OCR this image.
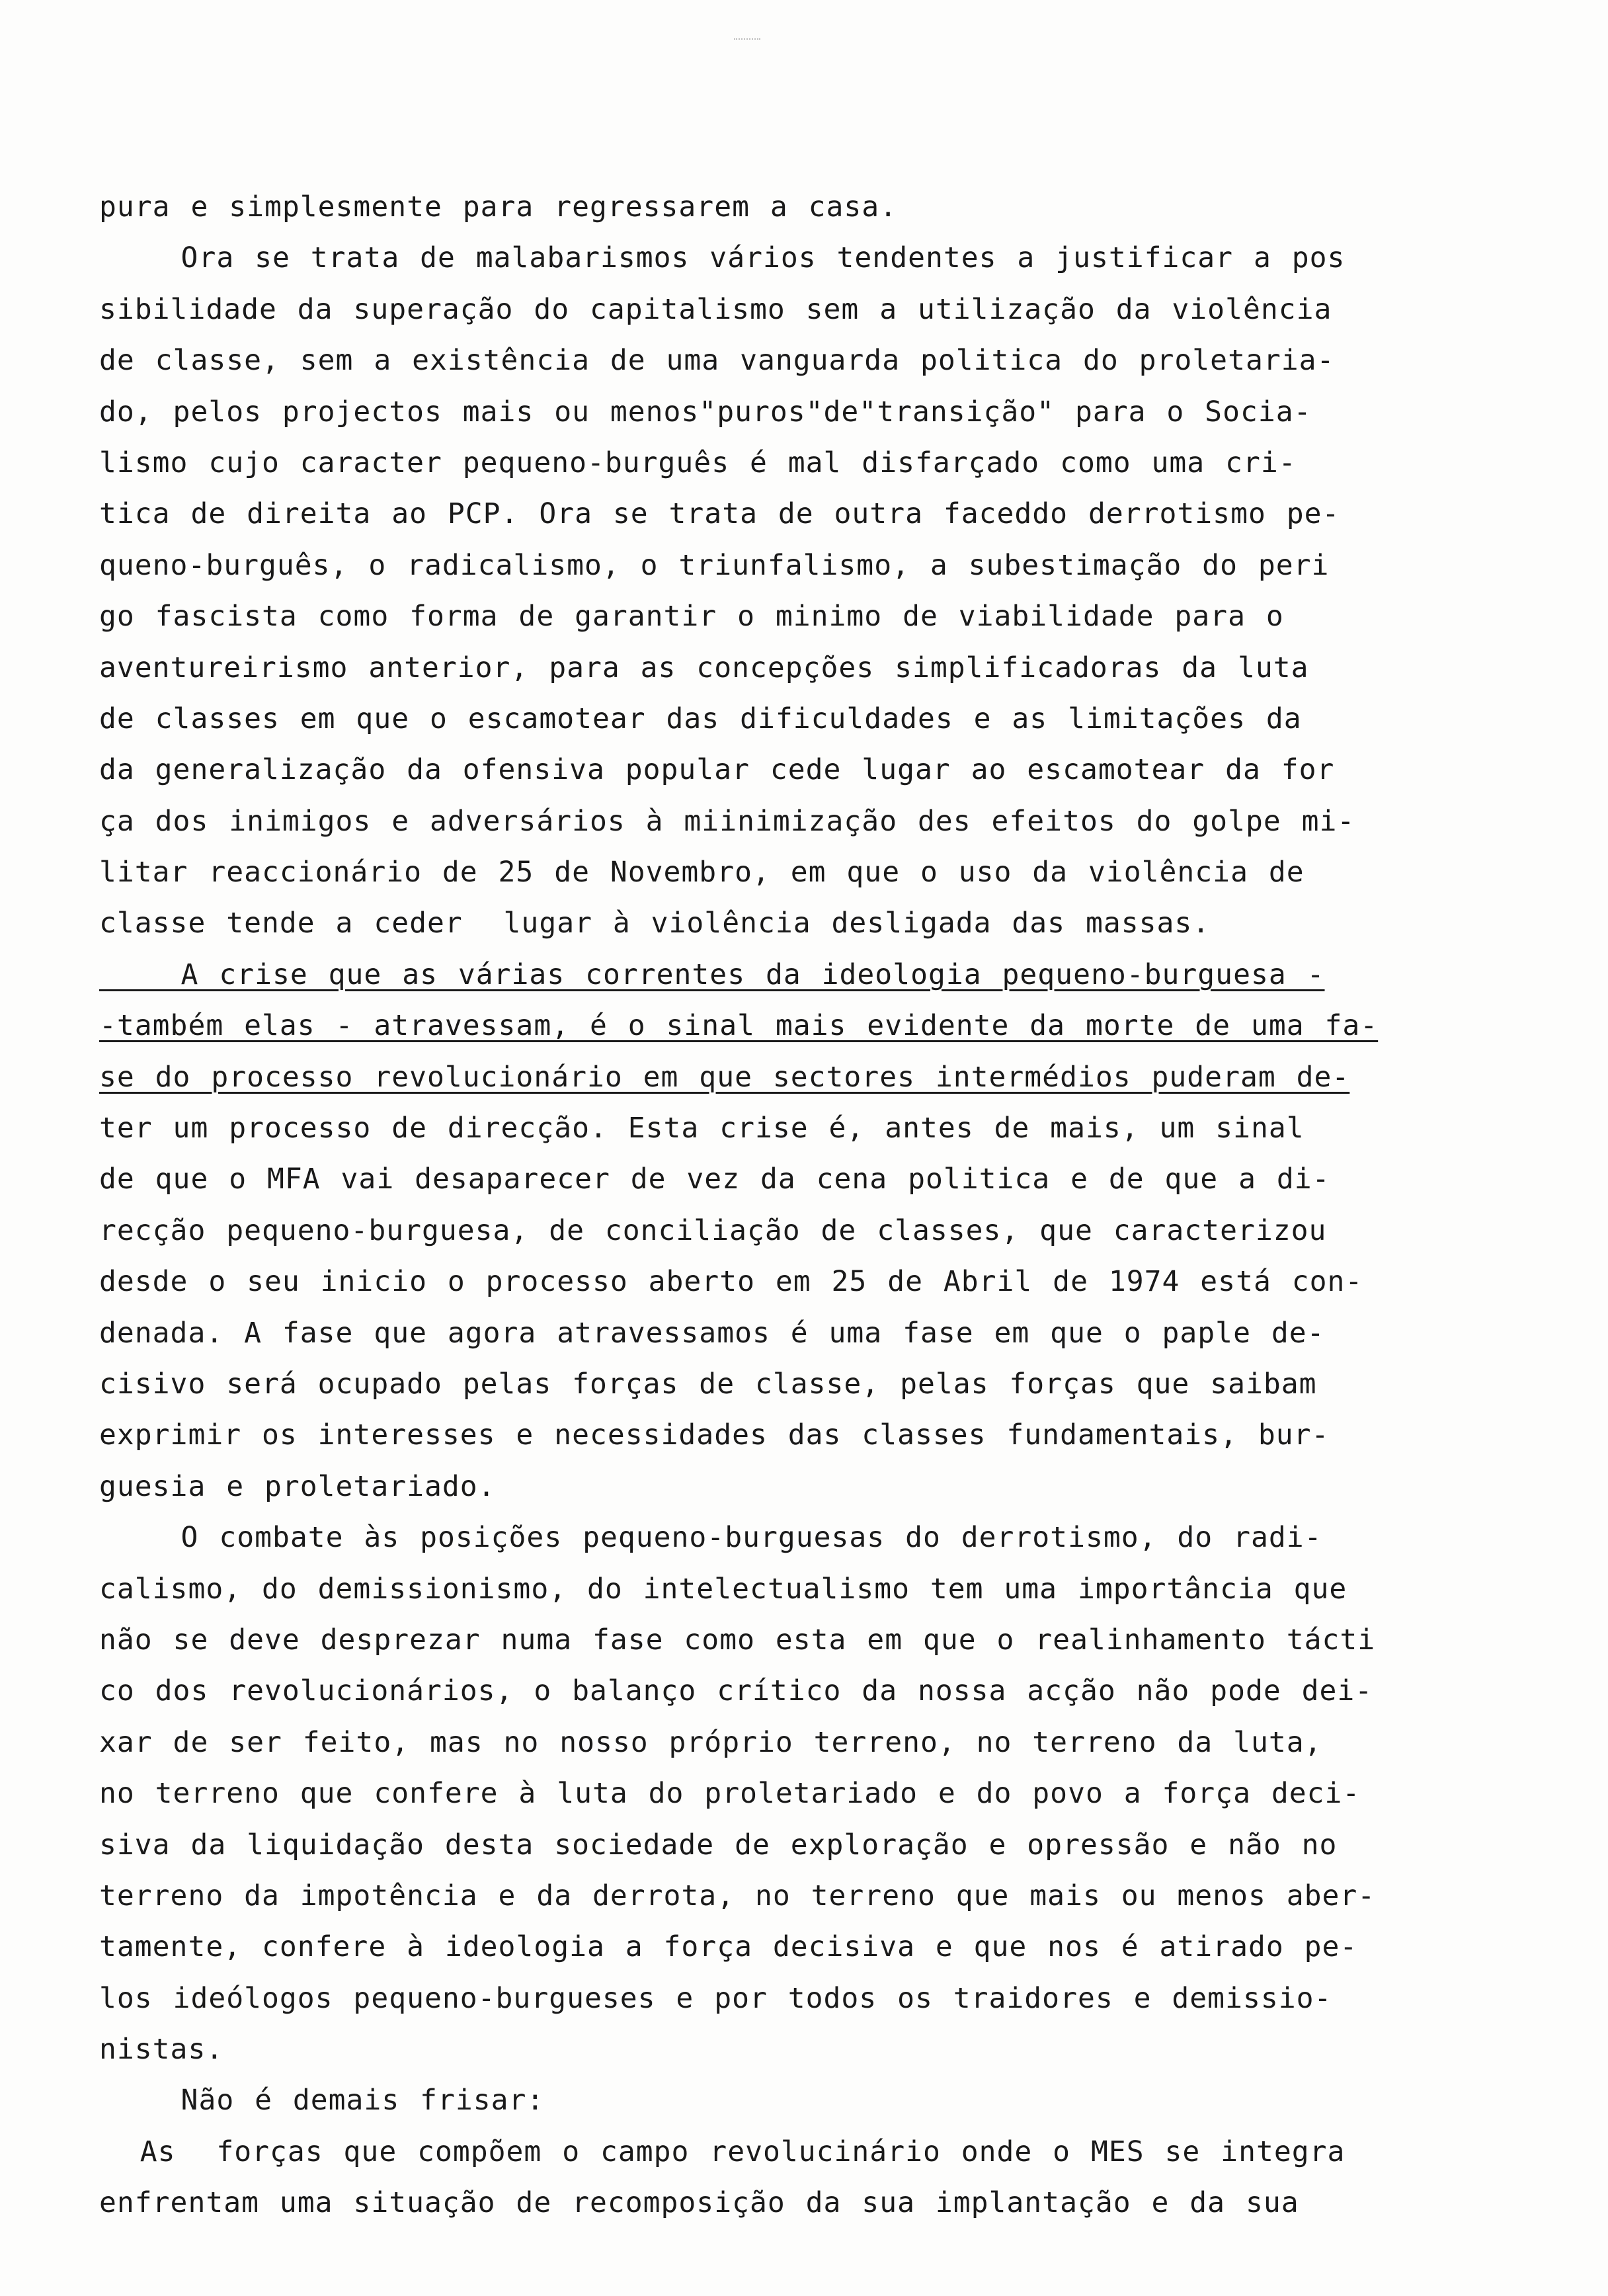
pura e simplesmente para regressarem a casa.
Ora se trata de malabarismos vários tendentes a justificar a pos
sibilidade da superação do capitalismo sem a utilização da violência
de classe, sem a existência de uma vanguarda politica do proletaria-
do, pelos projectos mais ou menos"puros"de"transição" para o Socia-
lismo cujo caracter pequeno-burguês é mal disfarçado como uma cri-
tica de direita ao PCP. Ora se trata de outra faceddo derrotismo pe-
queno-burguês, o radicalismo, o triunfalismo, a subestimação do peri
go fascista como forma de garantir o minimo de viabilidade para o
aventureirismo anterior, para as concepções simplificadoras da luta
de classes em que o escamotear das dificuldades e as limitações da
da generalização da ofensiva popular cede lugar ao escamotear da for
ça dos inimigos e adversários à miinimização des efeitos do golpe mi-
litar reaccionário de 25 de Novembro, em que o uso da violência de
classe tende a ceder  lugar à violência desligada das massas.
A crise que as várias correntes da ideologia pequeno-burguesa -
-também elas - atravessam, é o sinal mais evidente da morte de uma fa-
se do processo revolucionário em que sectores intermédios puderam de-
ter um processo de direcção. Esta crise é, antes de mais, um sinal
de que o MFA vai desaparecer de vez da cena politica e de que a di-
recção pequeno-burguesa, de conciliação de classes, que caracterizou
desde o seu inicio o processo aberto em 25 de Abril de 1974 está con-
denada. A fase que agora atravessamos é uma fase em que o paple de-
cisivo será ocupado pelas forças de classe, pelas forças que saibam
exprimir os interesses e necessidades das classes fundamentais, bur-
guesia e proletariado.
O combate às posições pequeno-burguesas do derrotismo, do radi-
calismo, do demissionismo, do intelectualismo tem uma importância que
não se deve desprezar numa fase como esta em que o realinhamento tácti
co dos revolucionários, o balanço crítico da nossa acção não pode dei-
xar de ser feito, mas no nosso próprio terreno, no terreno da luta,
no terreno que confere à luta do proletariado e do povo a força deci-
siva da liquidação desta sociedade de exploração e opressão e não no
terreno da impotência e da derrota, no terreno que mais ou menos aber-
tamente, confere à ideologia a força decisiva e que nos é atirado pe-
los ideólogos pequeno-burgueses e por todos os traidores e demissio-
nistas.
Não é demais frisar:
As  forças que compõem o campo revolucinário onde o MES se integra
enfrentam uma situação de recomposição da sua implantação e da sua
